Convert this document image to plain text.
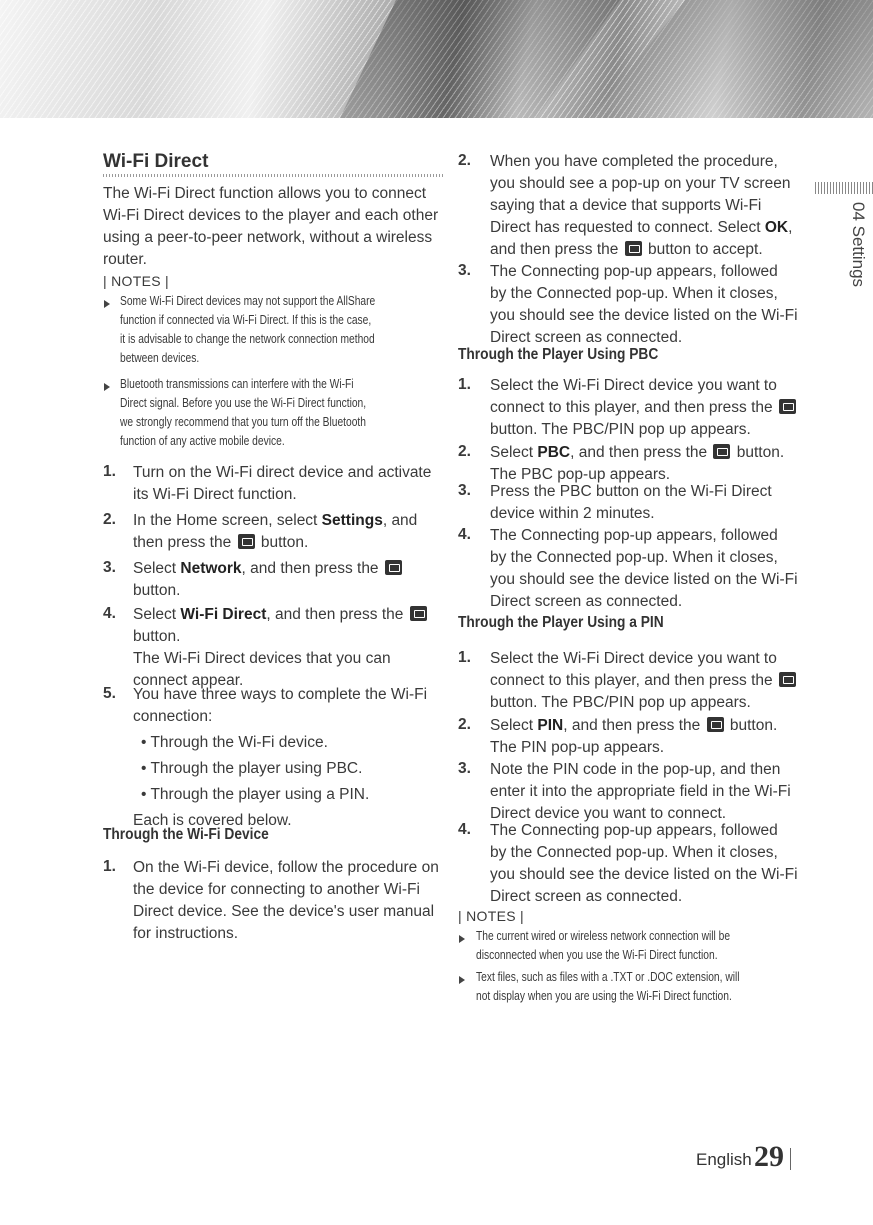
Wi-Fi Direct
The Wi-Fi Direct function allows you to connect
Wi-Fi Direct devices to the player and each other
using a peer-to-peer network, without a wireless
router.
| NOTES |
Some Wi-Fi Direct devices may not support the AllShare
function if connected via Wi-Fi Direct. If this is the case,
it is advisable to change the network connection method
between devices.
Bluetooth transmissions can interfere with the Wi-Fi
Direct signal. Before you use the Wi-Fi Direct function,
we strongly recommend that you turn off the Bluetooth
function of any active mobile device.
1. Turn on the Wi-Fi direct device and activate
its Wi-Fi Direct function.
2. In the Home screen, select Settings, and
then press the  button.
3. Select Network, and then press the
button.
4. Select Wi-Fi Direct, and then press the
button.
The Wi-Fi Direct devices that you can
connect appear.
5. You have three ways to complete the Wi-Fi
connection:
• Through the Wi-Fi device.
• Through the player using PBC.
• Through the player using a PIN.
Each is covered below.
Through the Wi-Fi Device
1. On the Wi-Fi device, follow the procedure on
the device for connecting to another Wi-Fi
Direct device. See the device's user manual
for instructions.
2. When you have completed the procedure,
you should see a pop-up on your TV screen
saying that a device that supports Wi-Fi
Direct has requested to connect. Select OK,
and then press the  button to accept.
3. The Connecting pop-up appears, followed
by the Connected pop-up. When it closes,
you should see the device listed on the Wi-Fi
Direct screen as connected.
Through the Player Using PBC
1. Select the Wi-Fi Direct device you want to
connect to this player, and then press the
button. The PBC/PIN pop up appears.
2. Select PBC, and then press the  button.
The PBC pop-up appears.
3. Press the PBC button on the Wi-Fi Direct
device within 2 minutes.
4. The Connecting pop-up appears, followed
by the Connected pop-up. When it closes,
you should see the device listed on the Wi-Fi
Direct screen as connected.
Through the Player Using a PIN
1. Select the Wi-Fi Direct device you want to
connect to this player, and then press the
button. The PBC/PIN pop up appears.
2. Select PIN, and then press the  button.
The PIN pop-up appears.
3. Note the PIN code in the pop-up, and then
enter it into the appropriate field in the Wi-Fi
Direct device you want to connect.
4. The Connecting pop-up appears, followed
by the Connected pop-up. When it closes,
you should see the device listed on the Wi-Fi
Direct screen as connected.
| NOTES |
The current wired or wireless network connection will be
disconnected when you use the Wi-Fi Direct function.
Text files, such as files with a .TXT or .DOC extension, will
not display when you are using the Wi-Fi Direct function.
04 Settings
English 29
